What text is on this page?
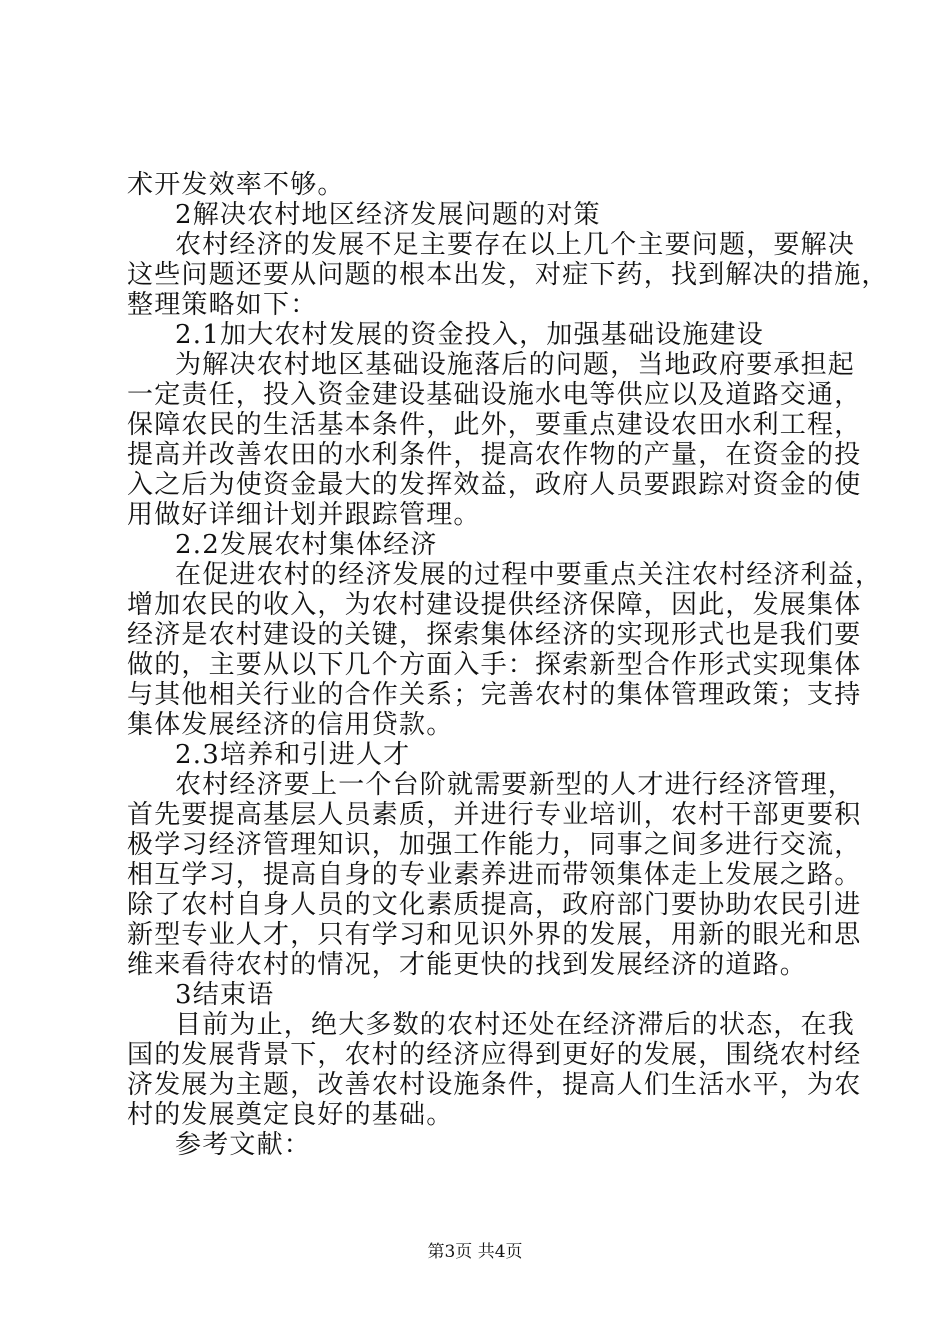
术开发效率不够。
2解决农村地区经济发展问题的对策
农村经济的发展不足主要存在以上几个主要问题，要解决
这些问题还要从问题的根本出发，对症下药，找到解决的措施，
整理策略如下：
2.1加大农村发展的资金投入，加强基础设施建设
为解决农村地区基础设施落后的问题，当地政府要承担起
一定责任，投入资金建设基础设施水电等供应以及道路交通，
保障农民的生活基本条件，此外，要重点建设农田水利工程，
提高并改善农田的水利条件，提高农作物的产量，在资金的投
入之后为使资金最大的发挥效益，政府人员要跟踪对资金的使
用做好详细计划并跟踪管理。
2.2发展农村集体经济
在促进农村的经济发展的过程中要重点关注农村经济利益，
增加农民的收入，为农村建设提供经济保障，因此，发展集体
经济是农村建设的关键，探索集体经济的实现形式也是我们要
做的，主要从以下几个方面入手：探索新型合作形式实现集体
与其他相关行业的合作关系；完善农村的集体管理政策；支持
集体发展经济的信用贷款。
2.3培养和引进人才
农村经济要上一个台阶就需要新型的人才进行经济管理，
首先要提高基层人员素质，并进行专业培训，农村干部更要积
极学习经济管理知识，加强工作能力，同事之间多进行交流，
相互学习，提高自身的专业素养进而带领集体走上发展之路。
除了农村自身人员的文化素质提高，政府部门要协助农民引进
新型专业人才，只有学习和见识外界的发展，用新的眼光和思
维来看待农村的情况，才能更快的找到发展经济的道路。
3结束语
目前为止，绝大多数的农村还处在经济滞后的状态，在我
国的发展背景下，农村的经济应得到更好的发展，围绕农村经
济发展为主题，改善农村设施条件，提高人们生活水平，为农
村的发展奠定良好的基础。
参考文献：
第3页 共4页
